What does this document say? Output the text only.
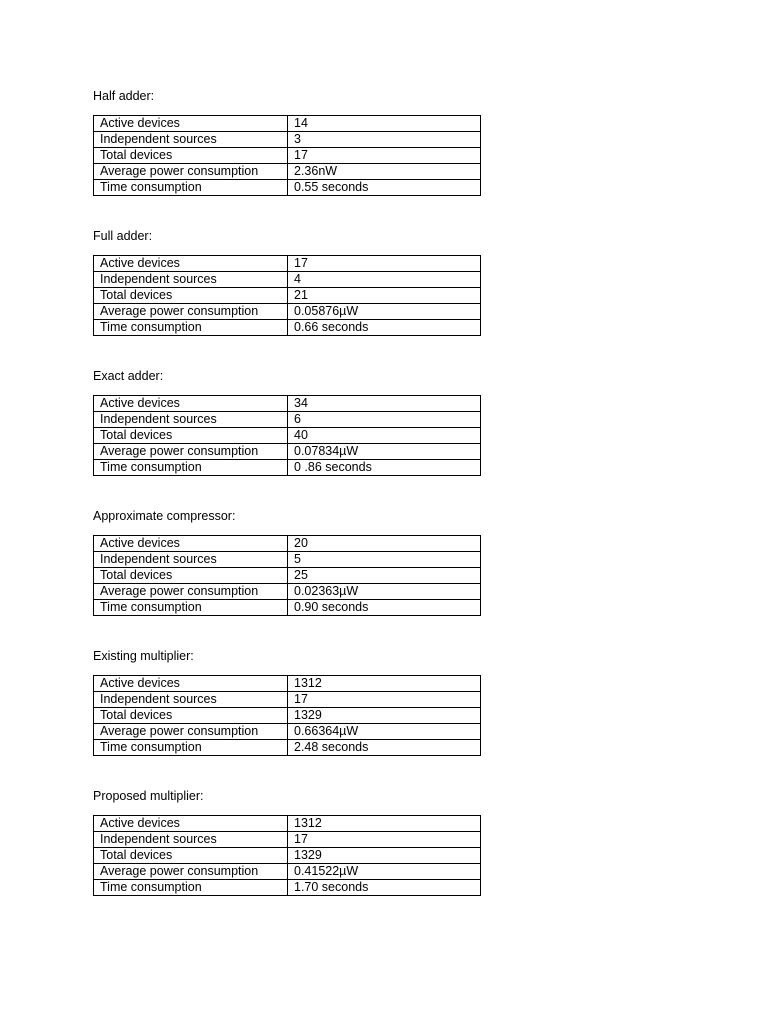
Half adder:
Active devices	14
Independent sources	3
Total devices	17
Average power consumption	2.36nW
Time consumption	0.55 seconds
Full adder:
Active devices	17
Independent sources	4
Total devices	21
Average power consumption	0.05876µW
Time consumption	0.66 seconds
Exact adder:
Active devices	34
Independent sources	6
Total devices	40
Average power consumption	0.07834µW
Time consumption	0 .86 seconds
Approximate compressor:
Active devices	20
Independent sources	5
Total devices	25
Average power consumption	0.02363µW
Time consumption	0.90 seconds
Existing multiplier:
Active devices	1312
Independent sources	17
Total devices	1329
Average power consumption	0.66364µW
Time consumption	2.48 seconds
Proposed multiplier:
Active devices	1312
Independent sources	17
Total devices	1329
Average power consumption	0.41522µW
Time consumption	1.70 seconds
